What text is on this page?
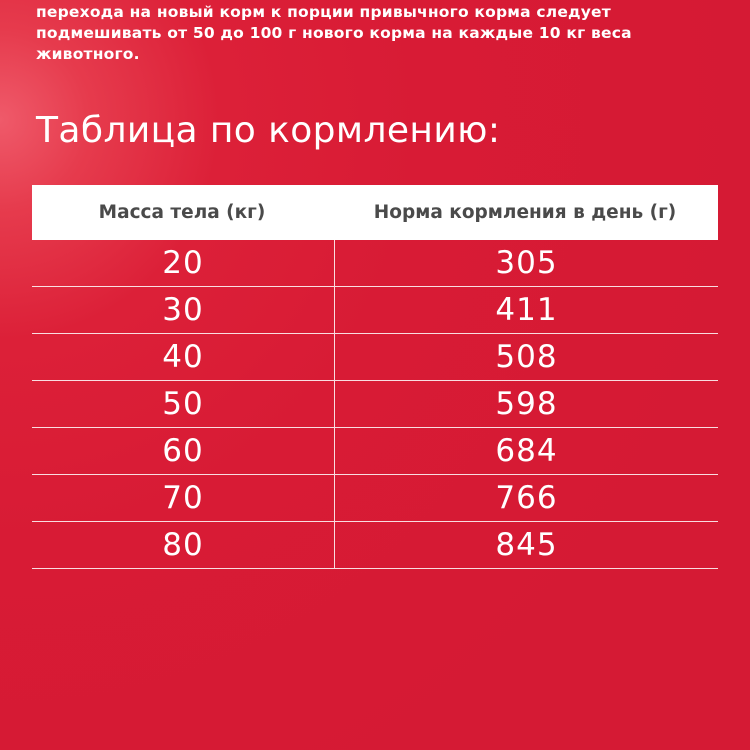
перехода на новый корм к порции привычного корма следует
подмешивать от 50 до 100 г нового корма на каждые 10 кг веса
животного.

Таблица по кормлению:
Масса тела (кг)	Норма кормления в день (г)
20	305
30	411
40	508
50	598
60	684
70	766
80	845
